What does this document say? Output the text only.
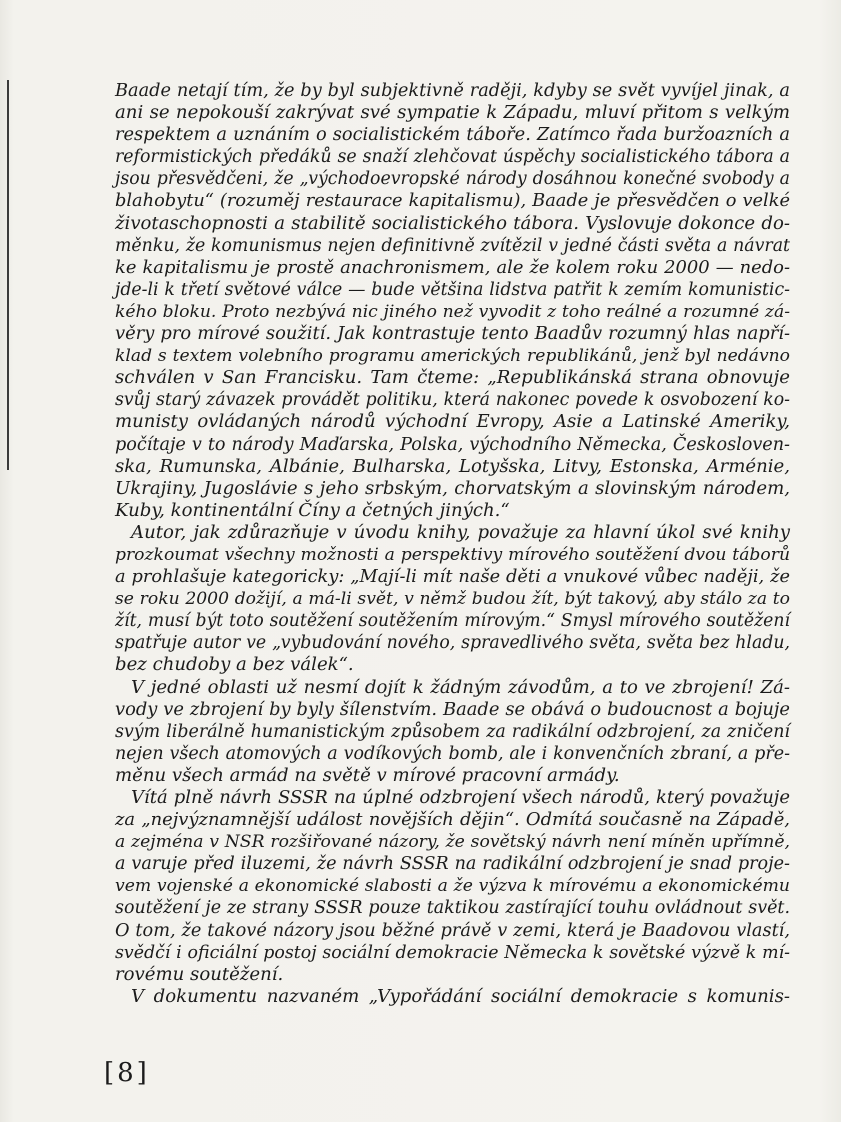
Baade netají tím, že by byl subjektivně raději, kdyby se svět vyvíjel jinak, a
ani se nepokouší zakrývat své sympatie k Západu, mluví přitom s velkým
respektem a uznáním o socialistickém táboře. Zatímco řada buržoazních a
reformistických předáků se snaží zlehčovat úspěchy socialistického tábora a
jsou přesvědčeni, že „východoevropské národy dosáhnou konečné svobody a
blahobytu“ (rozuměj restaurace kapitalismu), Baade je přesvědčen o velké
životaschopnosti a stabilitě socialistického tábora. Vyslovuje dokonce do-
měnku, že komunismus nejen definitivně zvítězil v jedné části světa a návrat
ke kapitalismu je prostě anachronismem, ale že kolem roku 2000 — nedo-
jde-li k třetí světové válce — bude většina lidstva patřit k zemím komunistic-
kého bloku. Proto nezbývá nic jiného než vyvodit z toho reálné a rozumné zá-
věry pro mírové soužití. Jak kontrastuje tento Baadův rozumný hlas napří-
klad s textem volebního programu amerických republikánů, jenž byl nedávno
schválen v San Francisku. Tam čteme: „Republikánská strana obnovuje
svůj starý závazek provádět politiku, která nakonec povede k osvobození ko-
munisty ovládaných národů východní Evropy, Asie a Latinské Ameriky,
počítaje v to národy Maďarska, Polska, východního Německa, Českosloven-
ska, Rumunska, Albánie, Bulharska, Lotyšska, Litvy, Estonska, Arménie,
Ukrajiny, Jugoslávie s jeho srbským, chorvatským a slovinským národem,
Kuby, kontinentální Číny a četných jiných.“
Autor, jak zdůrazňuje v úvodu knihy, považuje za hlavní úkol své knihy
prozkoumat všechny možnosti a perspektivy mírového soutěžení dvou táborů
a prohlašuje kategoricky: „Mají-li mít naše děti a vnukové vůbec naději, že
se roku 2000 dožijí, a má-li svět, v němž budou žít, být takový, aby stálo za to
žít, musí být toto soutěžení soutěžením mírovým.“ Smysl mírového soutěžení
spatřuje autor ve „vybudování nového, spravedlivého světa, světa bez hladu,
bez chudoby a bez válek“.
V jedné oblasti už nesmí dojít k žádným závodům, a to ve zbrojení! Zá-
vody ve zbrojení by byly šílenstvím. Baade se obává o budoucnost a bojuje
svým liberálně humanistickým způsobem za radikální odzbrojení, za zničení
nejen všech atomových a vodíkových bomb, ale i konvenčních zbraní, a pře-
měnu všech armád na světě v mírové pracovní armády.
Vítá plně návrh SSSR na úplné odzbrojení všech národů, který považuje
za „nejvýznamnější událost novějších dějin“. Odmítá současně na Západě,
a zejména v NSR rozšiřované názory, že sovětský návrh není míněn upřímně,
a varuje před iluzemi, že návrh SSSR na radikální odzbrojení je snad proje-
vem vojenské a ekonomické slabosti a že výzva k mírovému a ekonomickému
soutěžení je ze strany SSSR pouze taktikou zastírající touhu ovládnout svět.
O tom, že takové názory jsou běžné právě v zemi, která je Baadovou vlastí,
svědčí i oficiální postoj sociální demokracie Německa k sovětské výzvě k mí-
rovému soutěžení.
V dokumentu nazvaném „Vypořádání sociální demokracie s komunis-
[8]
